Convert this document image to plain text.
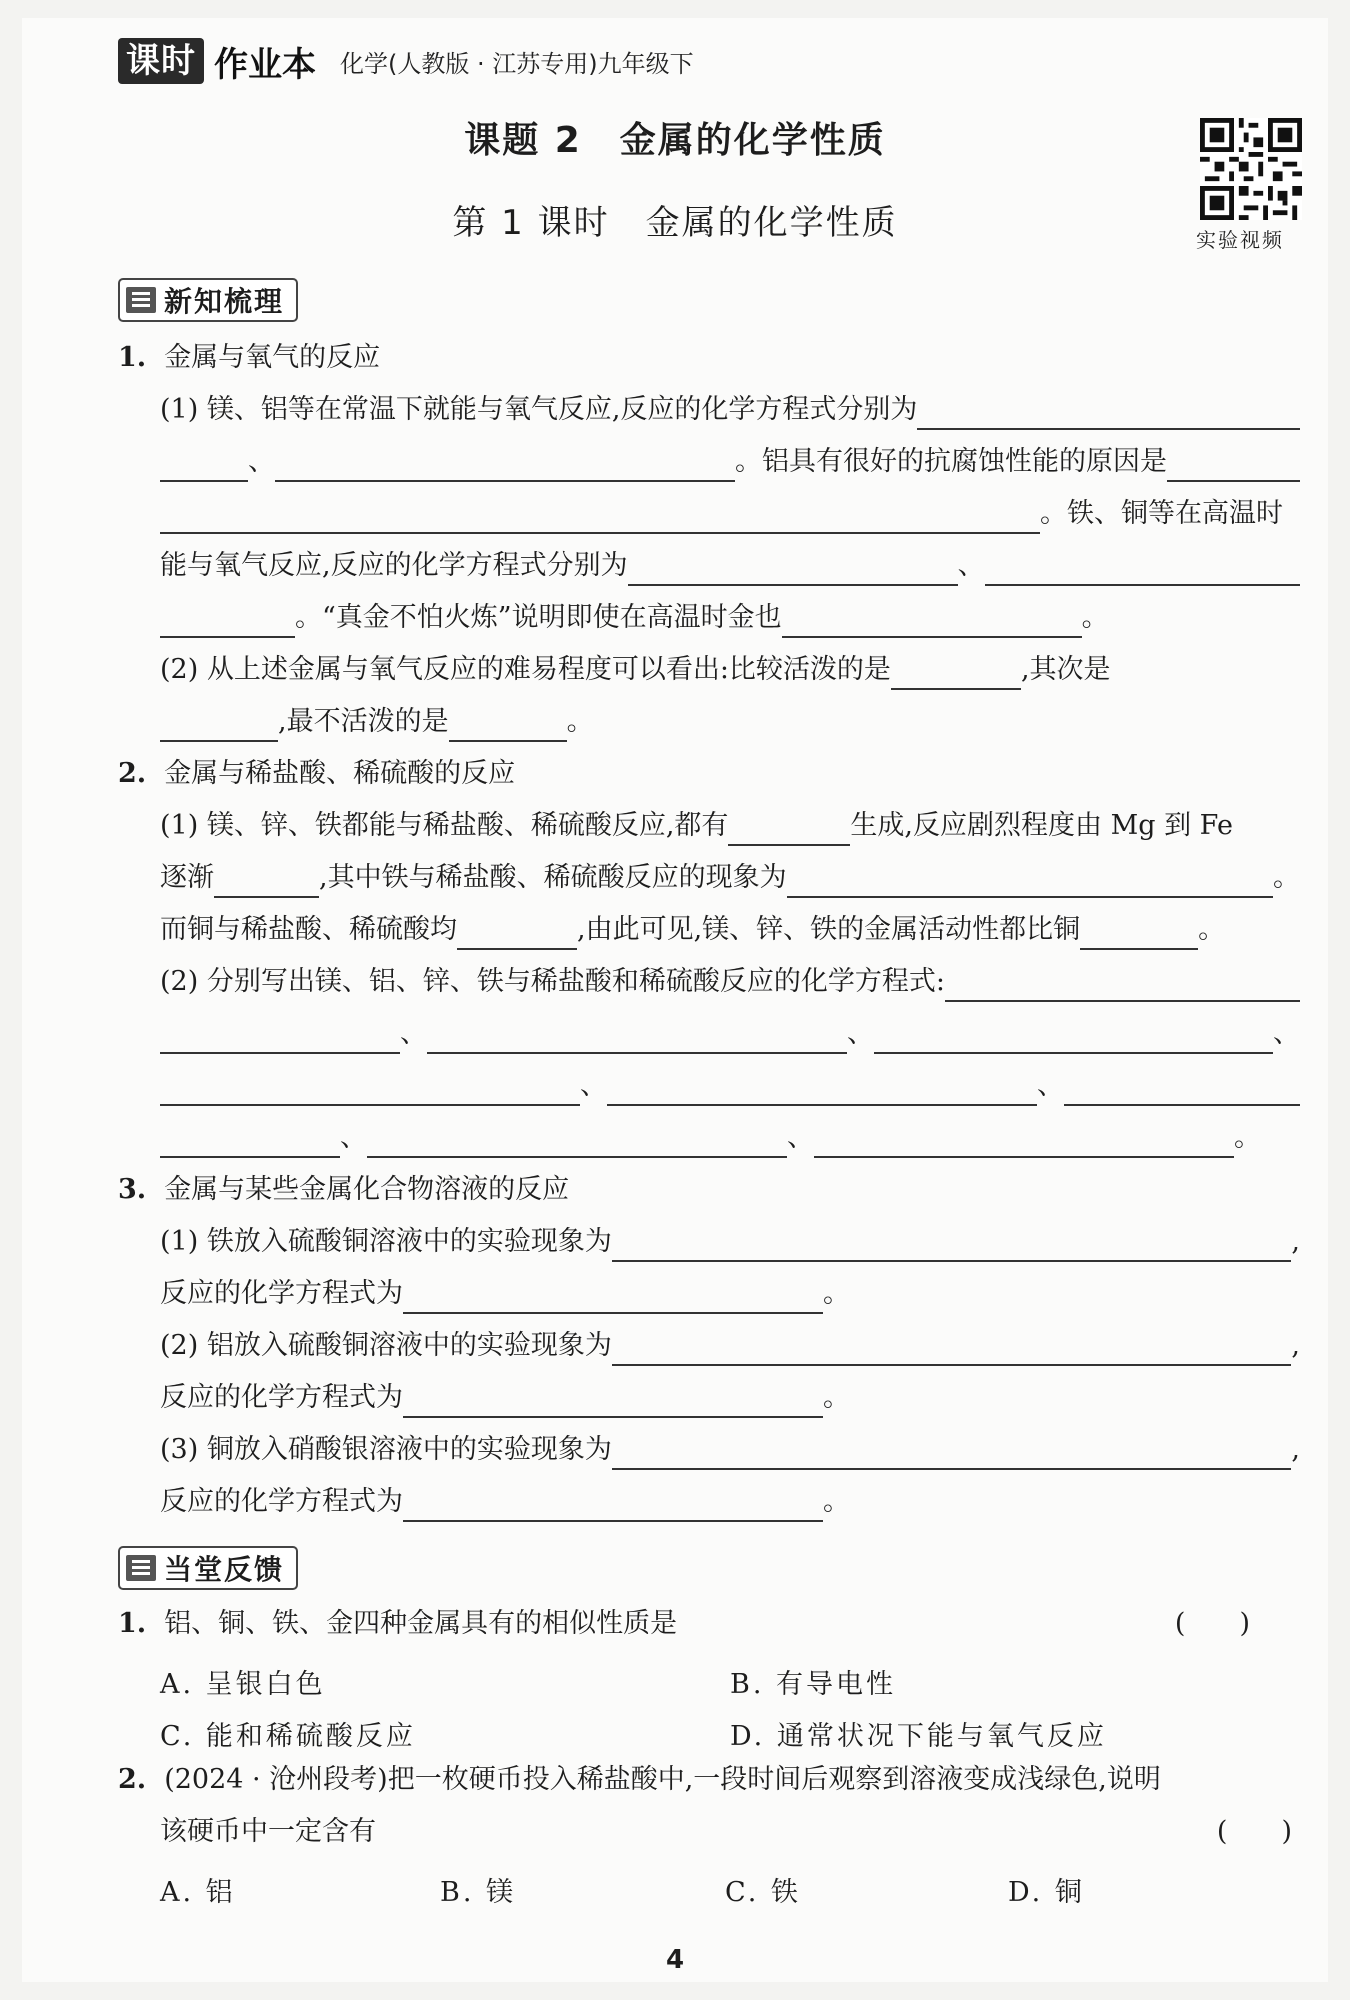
课时 作业本 化学(人教版 · 江苏专用)九年级下
课题 2　金属的化学性质
第 1 课时　金属的化学性质	实验视频
新知梳理
1. 金属与氧气的反应
(1) 镁、铝等在常温下就能与氧气反应,反应的化学方程式分别为
、	。铝具有很好的抗腐蚀性能的原因是
。铁、铜等在高温时
能与氧气反应,反应的化学方程式分别为	、
。“真金不怕火炼”说明即使在高温时金也	。
(2) 从上述金属与氧气反应的难易程度可以看出:比较活泼的是	,其次是
,最不活泼的是	。
2. 金属与稀盐酸、稀硫酸的反应
(1) 镁、锌、铁都能与稀盐酸、稀硫酸反应,都有	生成,反应剧烈程度由 Mg 到 Fe
逐渐	,其中铁与稀盐酸、稀硫酸反应的现象为	。
而铜与稀盐酸、稀硫酸均	,由此可见,镁、锌、铁的金属活动性都比铜	。
(2) 分别写出镁、铝、锌、铁与稀盐酸和稀硫酸反应的化学方程式:
、	、	、
、	、
、	、	。
3. 金属与某些金属化合物溶液的反应
(1) 铁放入硫酸铜溶液中的实验现象为	,
反应的化学方程式为	。
(2) 铝放入硫酸铜溶液中的实验现象为	,
反应的化学方程式为	。
(3) 铜放入硝酸银溶液中的实验现象为	,
反应的化学方程式为	。
当堂反馈
1. 铝、铜、铁、金四种金属具有的相似性质是	(　　)
A. 呈银白色	B. 有导电性
C. 能和稀硫酸反应	D. 通常状况下能与氧气反应
2. (2024 · 沧州段考)把一枚硬币投入稀盐酸中,一段时间后观察到溶液变成浅绿色,说明
该硬币中一定含有	(　　)
A. 铝	B. 镁	C. 铁	D. 铜
4
